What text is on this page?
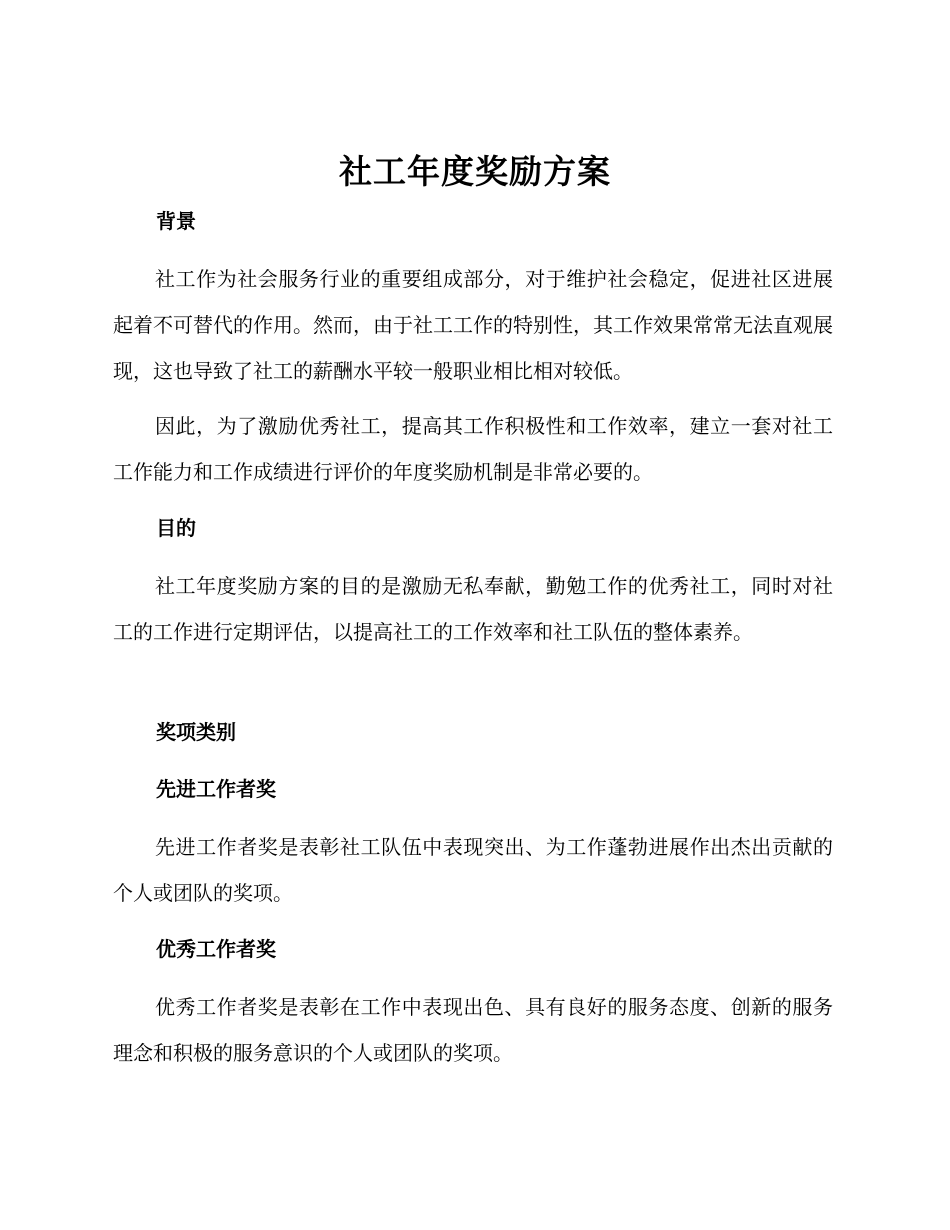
社工年度奖励方案
背景

社工作为社会服务行业的重要组成部分，对于维护社会稳定，促进社区进展起着不可替代的作用。然而，由于社工工作的特别性，其工作效果常常无法直观展现，这也导致了社工的薪酬水平较一般职业相比相对较低。

因此，为了激励优秀社工，提高其工作积极性和工作效率，建立一套对社工工作能力和工作成绩进行评价的年度奖励机制是非常必要的。

目的

社工年度奖励方案的目的是激励无私奉献，勤勉工作的优秀社工，同时对社工的工作进行定期评估，以提高社工的工作效率和社工队伍的整体素养。

奖项类别
先进工作者奖

先进工作者奖是表彰社工队伍中表现突出、为工作蓬勃进展作出杰出贡献的个人或团队的奖项。

优秀工作者奖

优秀工作者奖是表彰在工作中表现出色、具有良好的服务态度、创新的服务理念和积极的服务意识的个人或团队的奖项。
